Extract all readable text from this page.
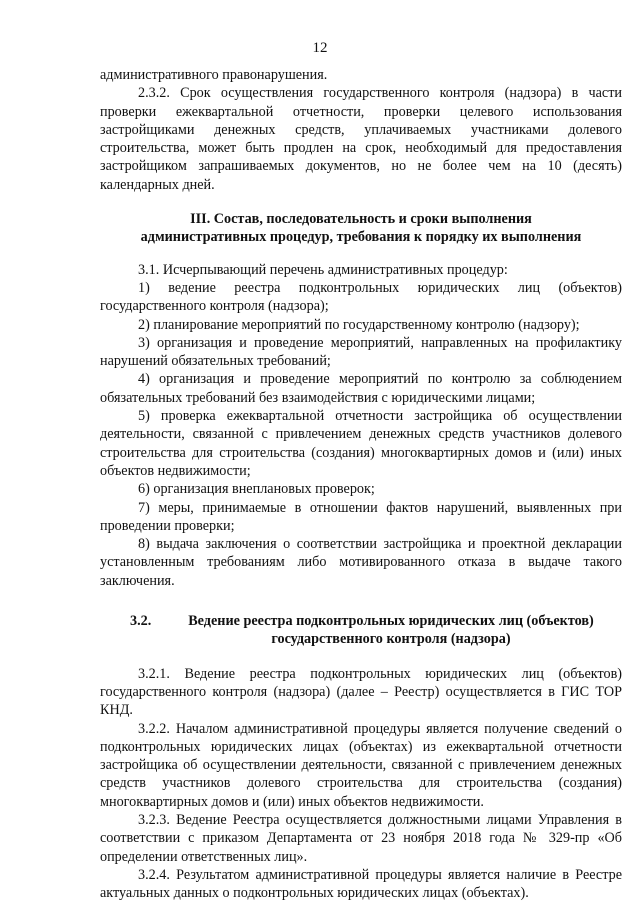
12

административного правонарушения.

2.3.2. Срок осуществления государственного контроля (надзора) в части проверки ежеквартальной отчетности, проверки целевого использования застройщиками денежных средств, уплачиваемых участниками долевого строительства, может быть продлен на срок, необходимый для предоставления застройщиком запрашиваемых документов, но не более чем на 10 (десять) календарных дней.

III. Состав, последовательность и сроки выполнения
административных процедур, требования к порядку их выполнения

3.1. Исчерпывающий перечень административных процедур:

1) ведение реестра подконтрольных юридических лиц (объектов) государственного контроля (надзора);

2) планирование мероприятий по государственному контролю (надзору);

3) организация и проведение мероприятий, направленных на профилактику нарушений обязательных требований;

4) организация и проведение мероприятий по контролю за соблюдением обязательных требований без взаимодействия с юридическими лицами;

5) проверка ежеквартальной отчетности застройщика об осуществлении деятельности, связанной с привлечением денежных средств участников долевого строительства для строительства (создания) многоквартирных домов и (или) иных объектов недвижимости;

6) организация внеплановых проверок;

7) меры, принимаемые в отношении фактов нарушений, выявленных при проведении проверки;

8) выдача заключения о соответствии застройщика и проектной декларации установленным требованиям либо мотивированного отказа в выдаче такого заключения.

3.2.	Ведение реестра подконтрольных юридических лиц (объектов)
государственного контроля (надзора)

3.2.1. Ведение реестра подконтрольных юридических лиц (объектов) государственного контроля (надзора) (далее – Реестр) осуществляется в ГИС ТОР КНД.

3.2.2. Началом административной процедуры является получение сведений о подконтрольных юридических лицах (объектах) из ежеквартальной отчетности застройщика об осуществлении деятельности, связанной с привлечением денежных средств участников долевого строительства для строительства (создания) многоквартирных домов и (или) иных объектов недвижимости.

3.2.3. Ведение Реестра осуществляется должностными лицами Управления в соответствии с приказом Департамента от 23 ноября 2018 года № 329-пр «Об определении ответственных лиц».

3.2.4. Результатом административной процедуры является наличие в Реестре актуальных данных о подконтрольных юридических лицах (объектах).
